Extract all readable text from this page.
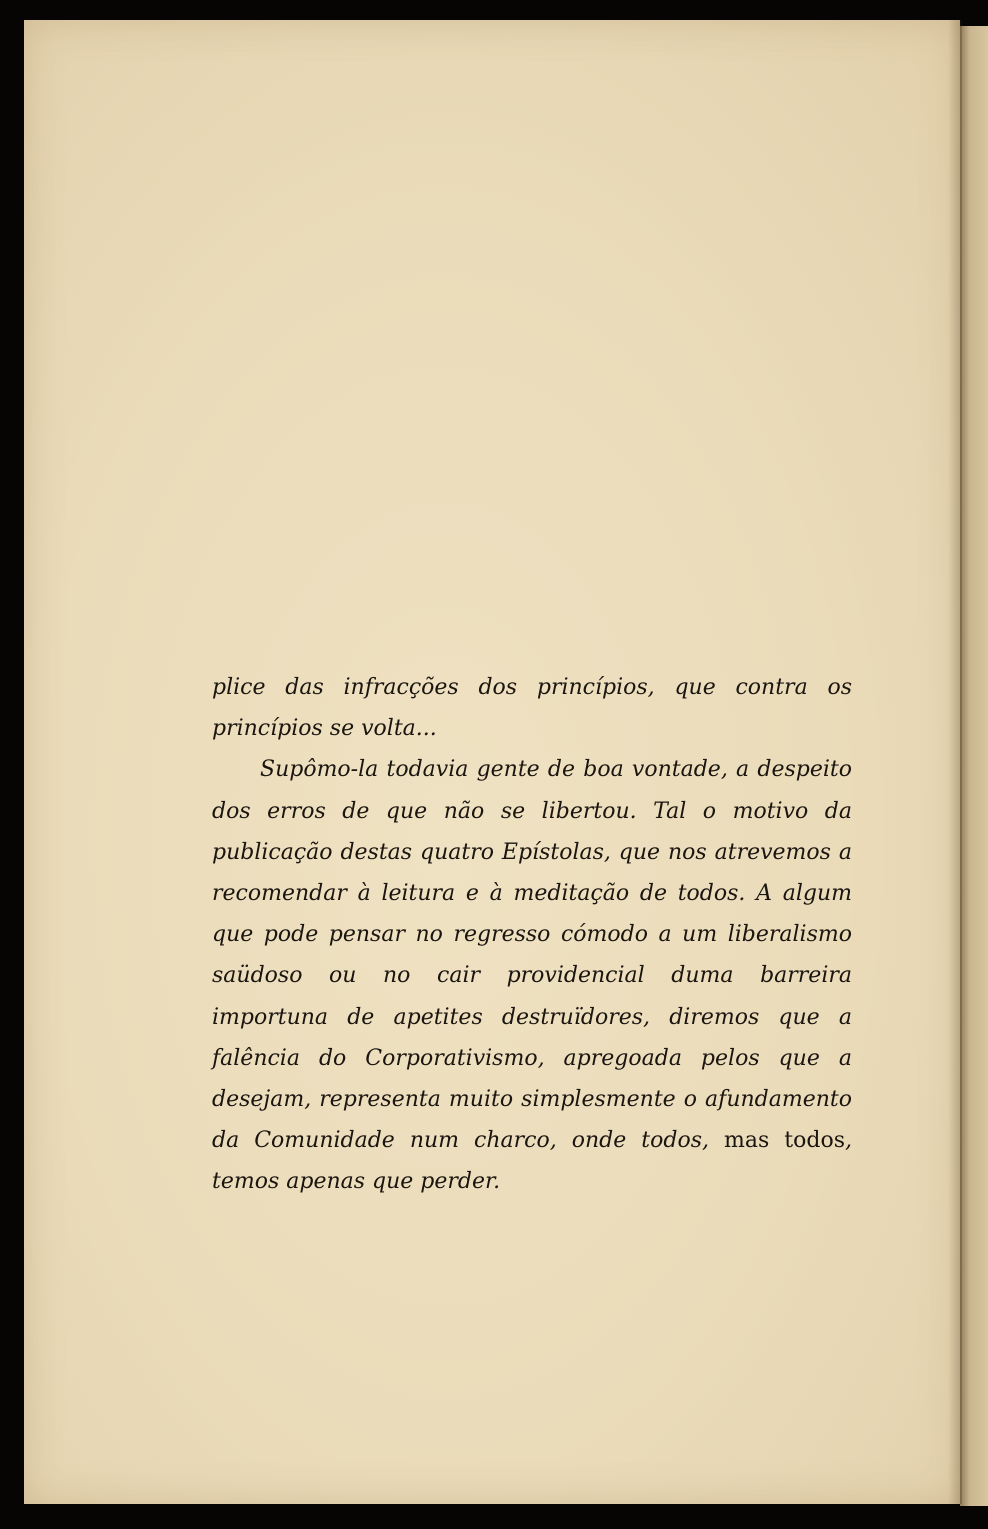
plice das infracções dos princípios, que contra os princípios se volta...

Supômo-la todavia gente de boa vontade, a despeito dos erros de que não se libertou. Tal o motivo da publicação destas quatro Epístolas, que nos atrevemos a recomendar à leitura e à meditação de todos. A algum que pode pensar no regresso cómodo a um liberalismo saüdoso ou no cair providencial duma barreira importuna de apetites destruïdores, diremos que a falência do Corporativismo, apregoada pelos que a desejam, representa muito simplesmente o afundamento da Comunidade num charco, onde todos, mas todos, temos apenas que perder.
